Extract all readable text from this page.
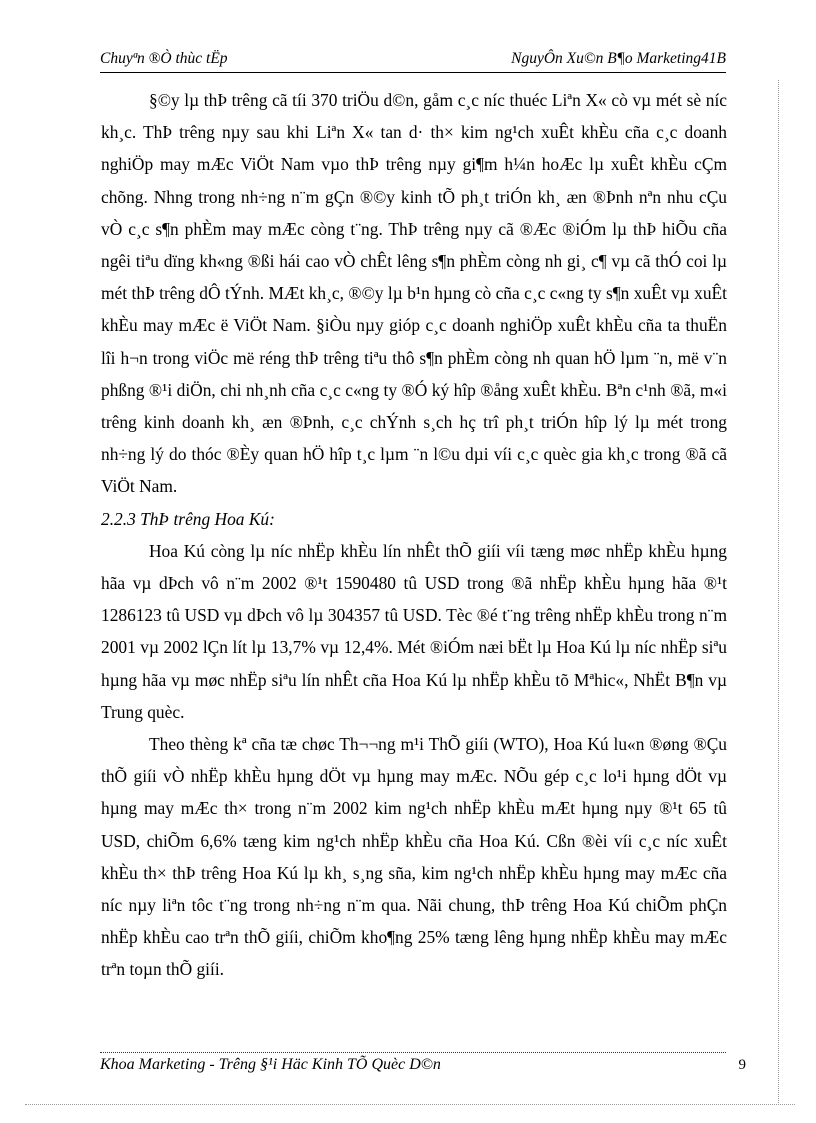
Chuyªn ®Ò thùc tËp	NguyÔn Xu©n B¶o Marketing41B

§©y lµ thÞ trêng cã tíi 370 triÖu d©n, gåm c¸c níc thuéc Liªn X« cò vµ mét sè níc kh¸c. ThÞ trêng nµy sau khi Liªn X« tan d· th× kim ng¹ch xuÊt khÈu cña c¸c doanh nghiÖp may mÆc ViÖt Nam vµo thÞ trêng nµy gi¶m h¼n hoÆc lµ xuÊt khÈu cÇm chõng. Nhng trong nh÷ng n¨m gÇn ®©y kinh tÕ ph¸t triÓn kh¸ æn ®Þnh nªn nhu cÇu vÒ c¸c s¶n phÈm may mÆc còng t¨ng. ThÞ trêng nµy cã ®Æc ®iÓm lµ thÞ hiÕu cña ngêi tiªu dïng kh«ng ®ßi hái cao vÒ chÊt lêng s¶n phÈm còng nh gi¸ c¶ vµ cã thÓ coi lµ mét thÞ trêng dÔ tÝnh. MÆt kh¸c, ®©y lµ b¹n hµng cò cña c¸c c«ng ty s¶n xuÊt vµ xuÊt khÈu may mÆc ë ViÖt Nam. §iÒu nµy gióp c¸c doanh nghiÖp xuÊt khÈu cña ta thuËn lîi h¬n trong viÖc më réng thÞ trêng tiªu thô s¶n phÈm còng nh quan hÖ lµm ¨n, më v¨n phßng ®¹i diÖn, chi nh¸nh cña c¸c c«ng ty ®Ó ký hîp ®ång xuÊt khÈu. Bªn c¹nh ®ã, m«i trêng kinh doanh kh¸ æn ®Þnh, c¸c chÝnh s¸ch hç trî ph¸t triÓn hîp lý lµ mét trong nh÷ng lý do thóc ®Èy quan hÖ hîp t¸c lµm ¨n l©u dµi víi c¸c quèc gia kh¸c trong ®ã cã ViÖt Nam.

2.2.3 ThÞ trêng Hoa Kú:

Hoa Kú còng lµ níc nhËp khÈu lín nhÊt thÕ giíi víi tæng møc nhËp khÈu hµng hãa vµ dÞch vô n¨m 2002 ®¹t 1590480 tû USD trong ®ã nhËp khÈu hµng hãa ®¹t 1286123 tû USD vµ dÞch vô lµ 304357 tû USD. Tèc ®é t¨ng trêng nhËp khÈu trong n¨m 2001 vµ 2002 lÇn lít lµ 13,7% vµ 12,4%. Mét ®iÓm næi bËt lµ Hoa Kú lµ níc nhËp siªu hµng hãa vµ møc nhËp siªu lín nhÊt cña Hoa Kú lµ nhËp khÈu tõ Mªhic«, NhËt B¶n vµ Trung quèc.

Theo thèng kª cña tæ chøc Th¬¬ng m¹i ThÕ giíi (WTO), Hoa Kú lu«n ®øng ®Çu thÕ giíi vÒ nhËp khÈu hµng dÖt vµ hµng may mÆc. NÕu gép c¸c lo¹i hµng dÖt vµ hµng may mÆc th× trong n¨m 2002 kim ng¹ch nhËp khÈu mÆt hµng nµy ®¹t 65 tû USD, chiÕm 6,6% tæng kim ng¹ch nhËp khÈu cña Hoa Kú. Cßn ®èi víi c¸c níc xuÊt khÈu th× thÞ trêng Hoa Kú lµ kh¸ s¸ng sña, kim ng¹ch nhËp khÈu hµng may mÆc cña níc nµy liªn tôc t¨ng trong nh÷ng n¨m qua. Nãi chung, thÞ trêng Hoa Kú chiÕm phÇn nhËp khÈu cao trªn thÕ giíi, chiÕm kho¶ng 25% tæng lêng hµng nhËp khÈu may mÆc trªn toµn thÕ giíi.

Khoa Marketing - Trêng §¹i Häc Kinh TÕ Quèc D©n	9
